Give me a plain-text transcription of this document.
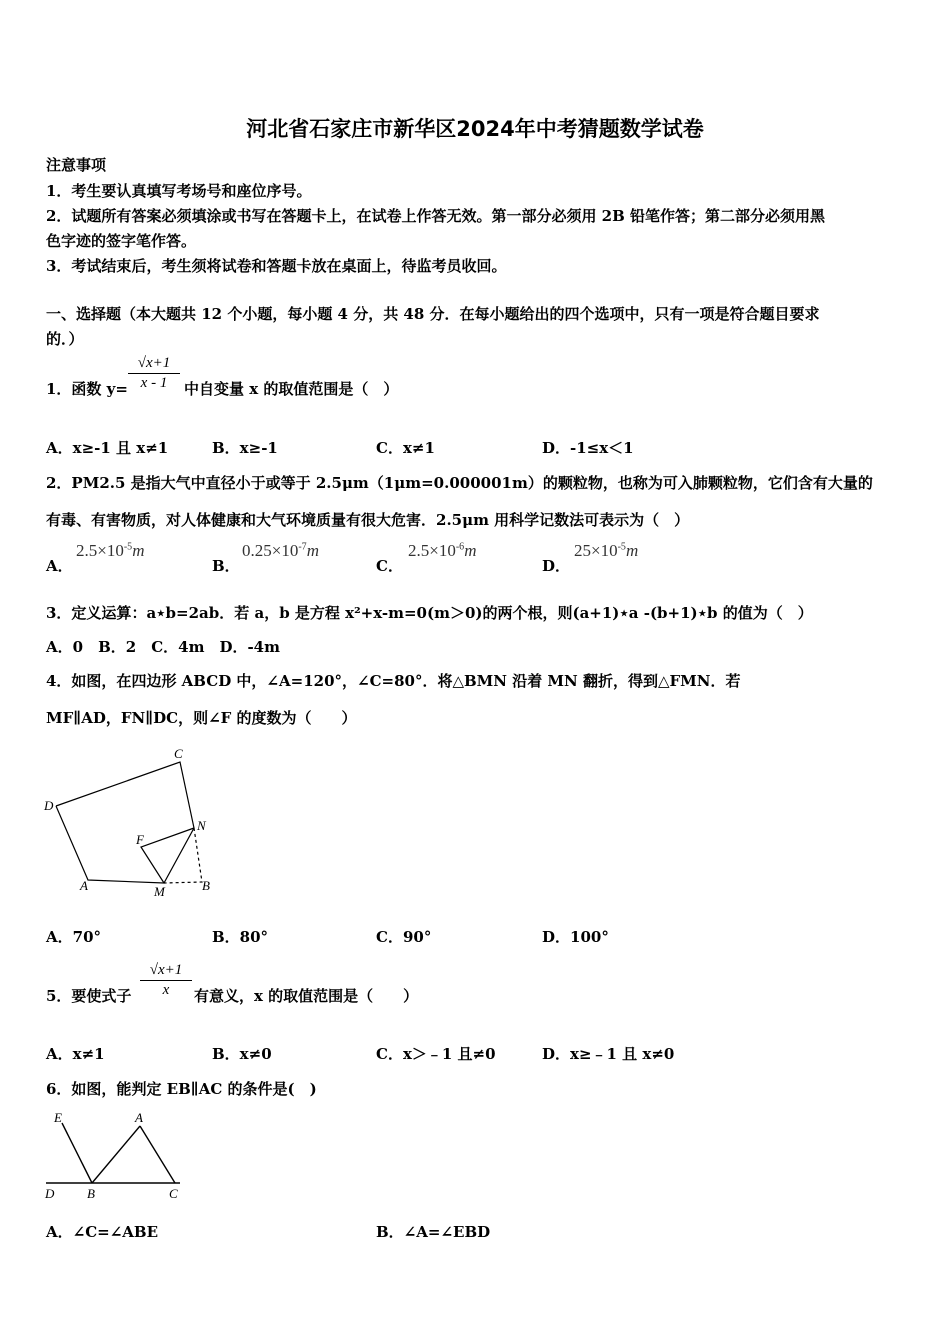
河北省石家庄市新华区2024年中考猜题数学试卷
注意事项
1．考生要认真填写考场号和座位序号。
2．试题所有答案必须填涂或书写在答题卡上，在试卷上作答无效。第一部分必须用 2B 铅笔作答；第二部分必须用黑
色字迹的签字笔作答。
3．考试结束后，考生须将试卷和答题卡放在桌面上，待监考员收回。
一、选择题（本大题共 12 个小题，每小题 4 分，共 48 分．在每小题给出的四个选项中，只有一项是符合题目要求
的．）
1．函数 y=
√x+1
x - 1	中自变量 x 的取值范围是（　）
A．x≥-1 且 x≠1	B．x≥-1	C．x≠1	D．-1≤x＜1
2．PM2.5 是指大气中直径小于或等于 2.5μm（1μm=0.000001m）的颗粒物，也称为可入肺颗粒物，它们含有大量的
有毒、有害物质，对人体健康和大气环境质量有很大危害．2.5μm 用科学记数法可表示为（　）
A．
$2.5\times 10^{-5}m$
B．
$0.25\times 10^{-7}m$
C．
$2.5\times 10^{-6}m$
D．
$25\times 10^{-5}m$
3．定义运算：a⋆b=2ab．若 a，b 是方程 x²+x-m=0(m＞0)的两个根，则(a+1)⋆a -(b+1)⋆b 的值为（　）
A．0　B．2　C．4m　D．-4m
4．如图，在四边形 ABCD 中，∠A=120°，∠C=80°．将△BMN 沿着 MN 翻折，得到△FMN．若
MF∥AD，FN∥DC，则∠F 的度数为（　　）
C
D
N
F
A	M	B
A．70°	B．80°	C．90°	D．100°
5．要使式子
√x+1
x	有意义，x 的取值范围是（　　）
A．x≠1	B．x≠0	C．x＞﹣1 且≠0	D．x≥﹣1 且 x≠0
6．如图，能判定 EB∥AC 的条件是(　)
E	A
D	B	C
A．∠C=∠ABE	B．∠A=∠EBD
